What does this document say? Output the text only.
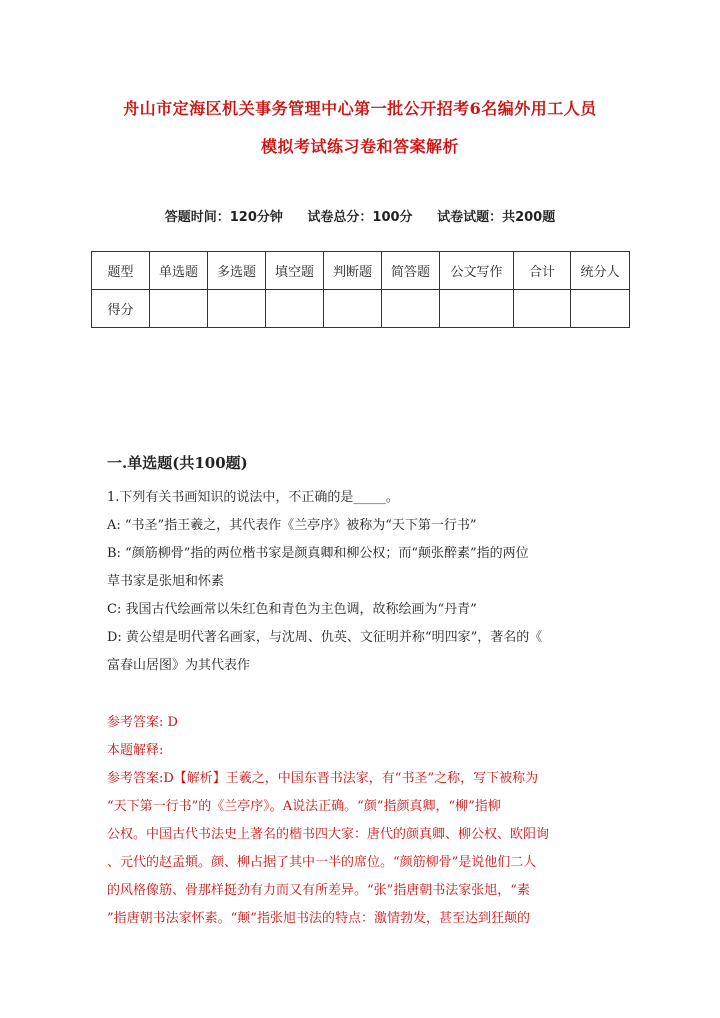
舟山市定海区机关事务管理中心第一批公开招考6名编外用工人员
模拟考试练习卷和答案解析
答题时间：120分钟 试卷总分：100分 试卷试题：共200题
题型	单选题	多选题	填空题	判断题	简答题	公文写作	合计	统分人
得分								
一.单选题(共100题)
1.下列有关书画知识的说法中，不正确的是_____。
A: “书圣”指王羲之，其代表作《兰亭序》被称为“天下第一行书”
B: “颜筋柳骨”指的两位楷书家是颜真卿和柳公权；而“颠张醉素”指的两位
草书家是张旭和怀素
C: 我国古代绘画常以朱红色和青色为主色调，故称绘画为“丹青”
D: 黄公望是明代著名画家，与沈周、仇英、文征明并称“明四家”，著名的《
富春山居图》为其代表作
参考答案: D
本题解释:
参考答案:D【解析】王羲之，中国东晋书法家，有“书圣”之称，写下被称为
“天下第一行书”的《兰亭序》。A说法正确。“颜”指颜真卿，“柳”指柳
公权。中国古代书法史上著名的楷书四大家：唐代的颜真卿、柳公权、欧阳询
、元代的赵孟頫。颜、柳占据了其中一半的席位。“颜筋柳骨”是说他们二人
的风格像筋、骨那样挺劲有力而又有所差异。“张”指唐朝书法家张旭，“素
”指唐朝书法家怀素。“颠”指张旭书法的特点：激情勃发，甚至达到狂颠的
